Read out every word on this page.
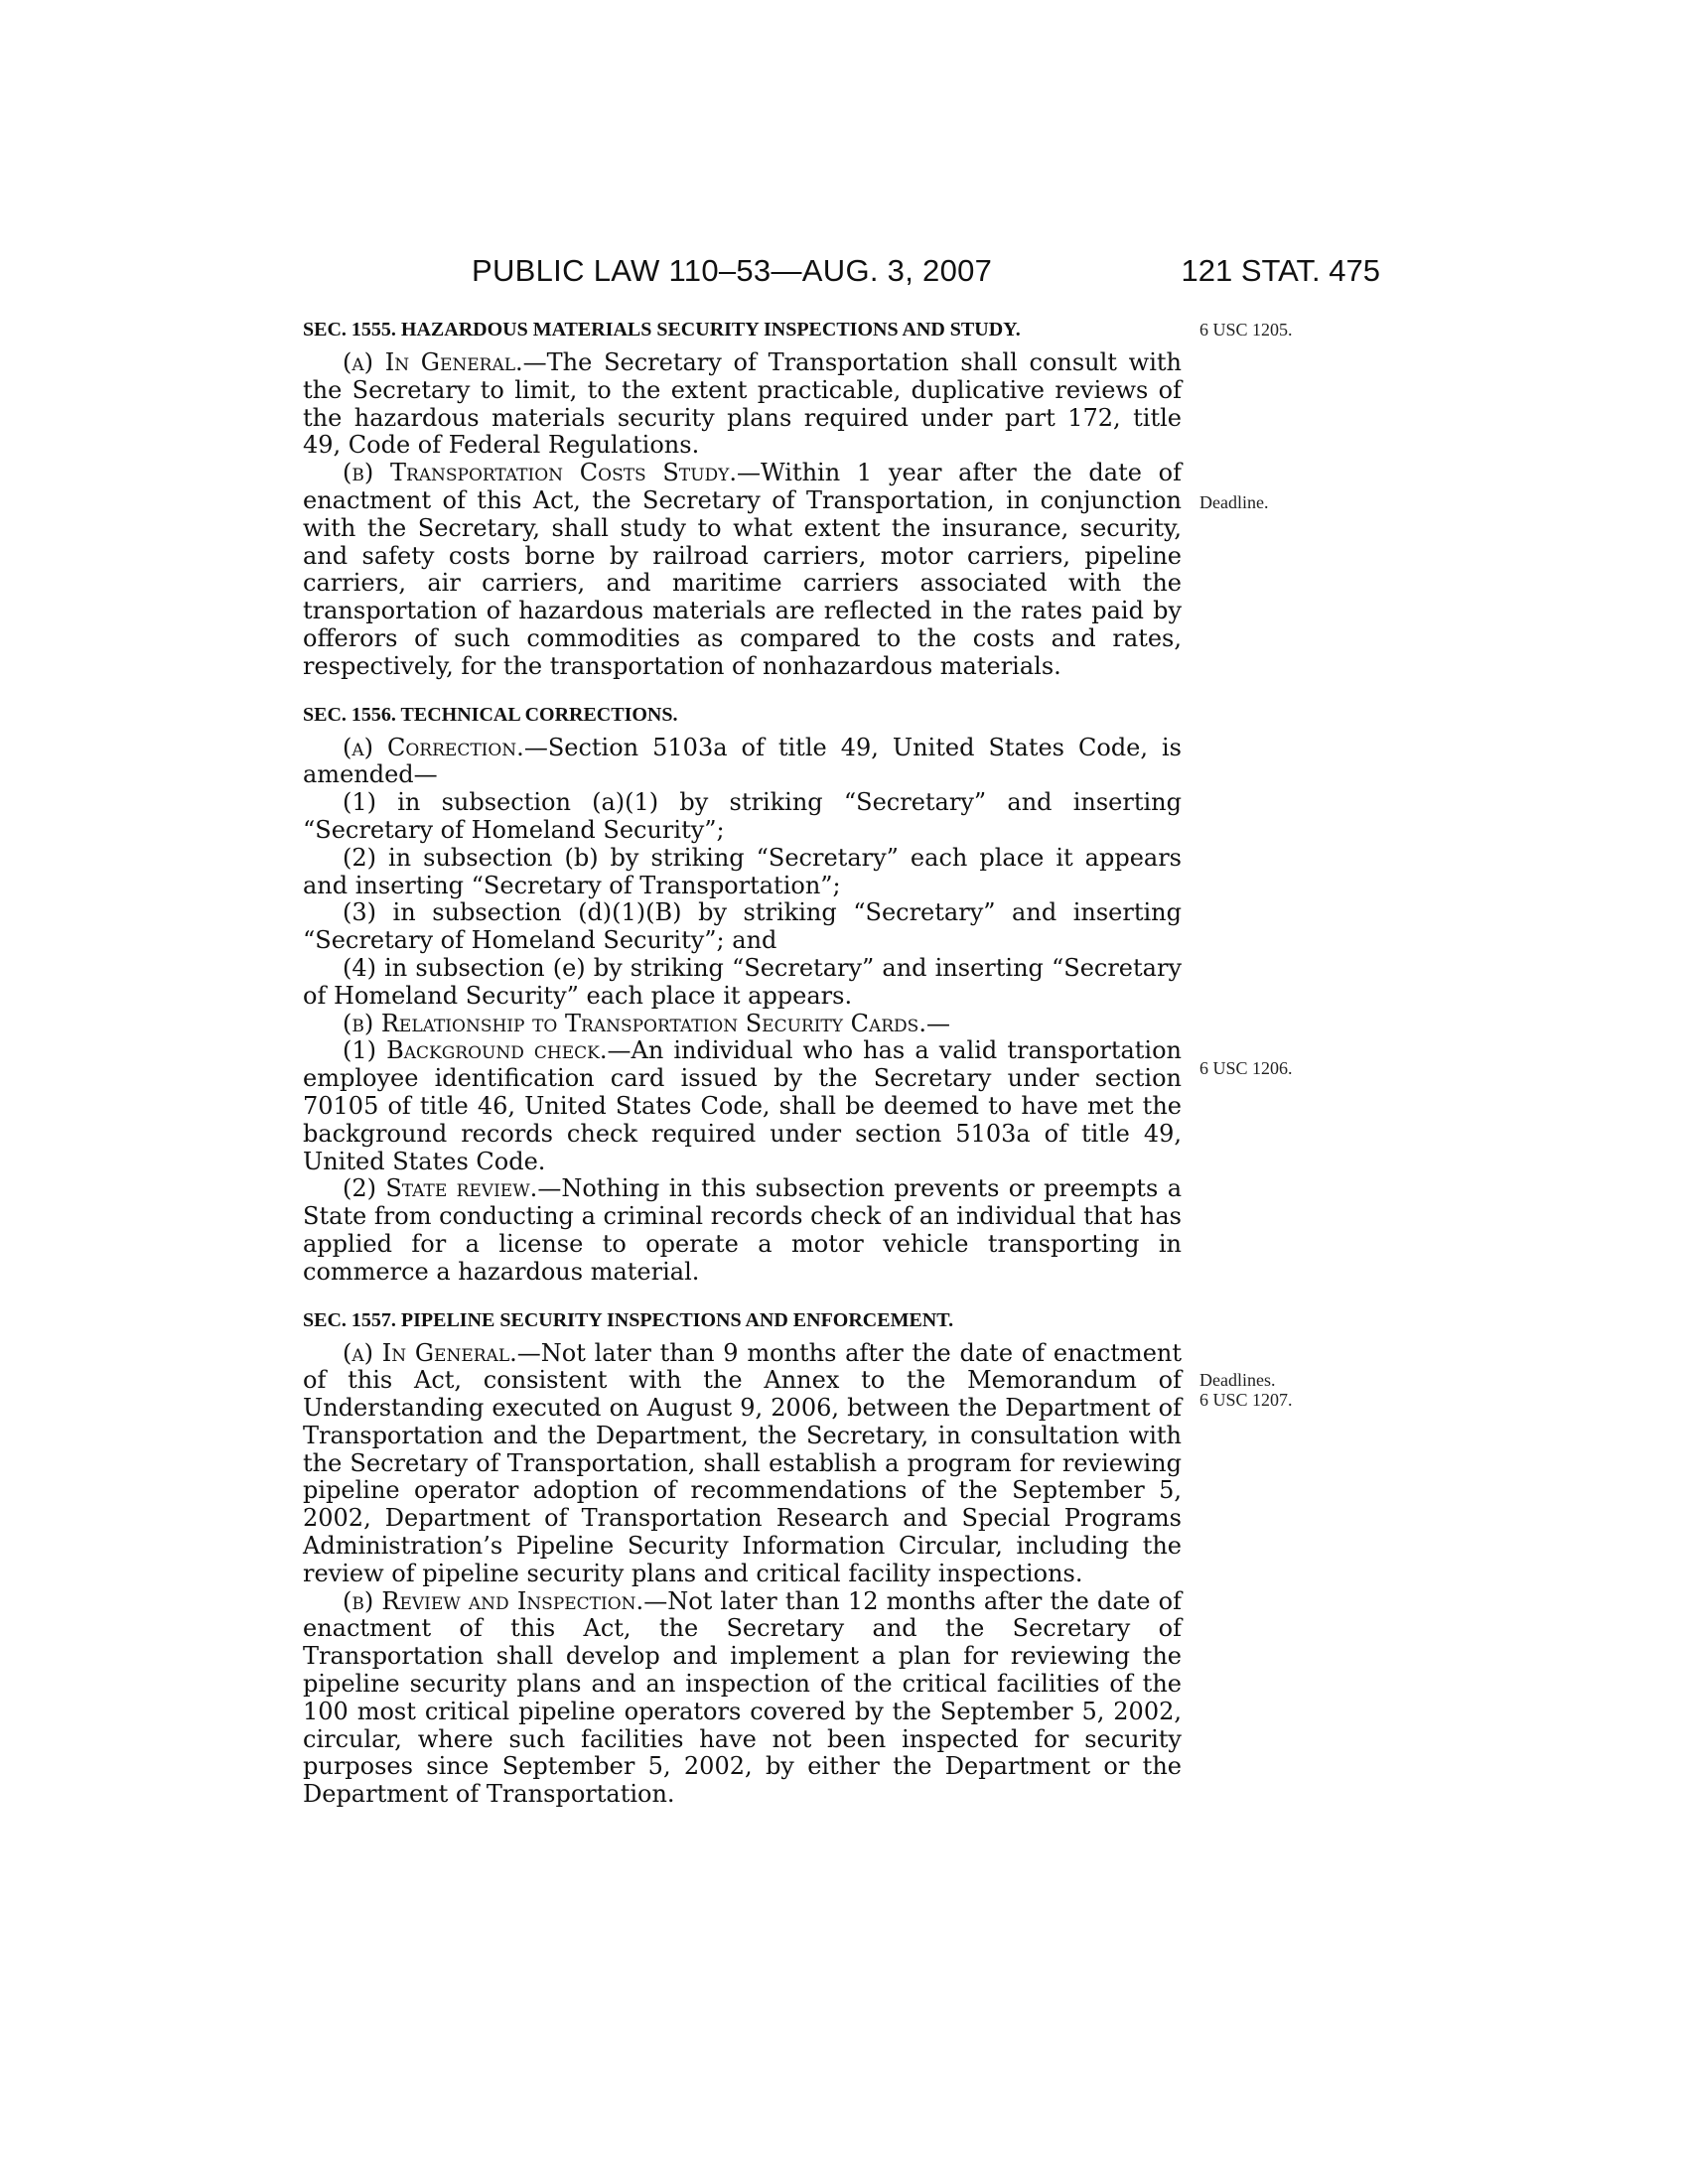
PUBLIC LAW 110–53—AUG. 3, 2007	121 STAT. 475
6 USC 1205.
Deadline.
6 USC 1206.
Deadlines.
6 USC 1207.
SEC. 1555. HAZARDOUS MATERIALS SECURITY INSPECTIONS AND STUDY.

(a) In General.—The Secretary of Transportation shall consult with the Secretary to limit, to the extent practicable, duplicative reviews of the hazardous materials security plans required under part 172, title 49, Code of Federal Regulations.

(b) Transportation Costs Study.—Within 1 year after the date of enactment of this Act, the Secretary of Transportation, in conjunction with the Secretary, shall study to what extent the insurance, security, and safety costs borne by railroad carriers, motor carriers, pipeline carriers, air carriers, and maritime carriers associated with the transportation of hazardous materials are reflected in the rates paid by offerors of such commodities as compared to the costs and rates, respectively, for the transportation of nonhazardous materials.

SEC. 1556. TECHNICAL CORRECTIONS.

(a) Correction.—Section 5103a of title 49, United States Code, is amended—

(1) in subsection (a)(1) by striking “Secretary” and inserting “Secretary of Homeland Security”;

(2) in subsection (b) by striking “Secretary” each place it appears and inserting “Secretary of Transportation”;

(3) in subsection (d)(1)(B) by striking “Secretary” and inserting “Secretary of Homeland Security”; and

(4) in subsection (e) by striking “Secretary” and inserting “Secretary of Homeland Security” each place it appears.

(b) Relationship to Transportation Security Cards.—

(1) Background check.—An individual who has a valid transportation employee identification card issued by the Secretary under section 70105 of title 46, United States Code, shall be deemed to have met the background records check required under section 5103a of title 49, United States Code.

(2) State review.—Nothing in this subsection prevents or preempts a State from conducting a criminal records check of an individual that has applied for a license to operate a motor vehicle transporting in commerce a hazardous material.

SEC. 1557. PIPELINE SECURITY INSPECTIONS AND ENFORCEMENT.

(a) In General.—Not later than 9 months after the date of enactment of this Act, consistent with the Annex to the Memorandum of Understanding executed on August 9, 2006, between the Department of Transportation and the Department, the Secretary, in consultation with the Secretary of Transportation, shall establish a program for reviewing pipeline operator adoption of recommendations of the September 5, 2002, Department of Transportation Research and Special Programs Administration’s Pipeline Security Information Circular, including the review of pipeline security plans and critical facility inspections.

(b) Review and Inspection.—Not later than 12 months after the date of enactment of this Act, the Secretary and the Secretary of Transportation shall develop and implement a plan for reviewing the pipeline security plans and an inspection of the critical facilities of the 100 most critical pipeline operators covered by the September 5, 2002, circular, where such facilities have not been inspected for security purposes since September 5, 2002, by either the Department or the Department of Transportation.
